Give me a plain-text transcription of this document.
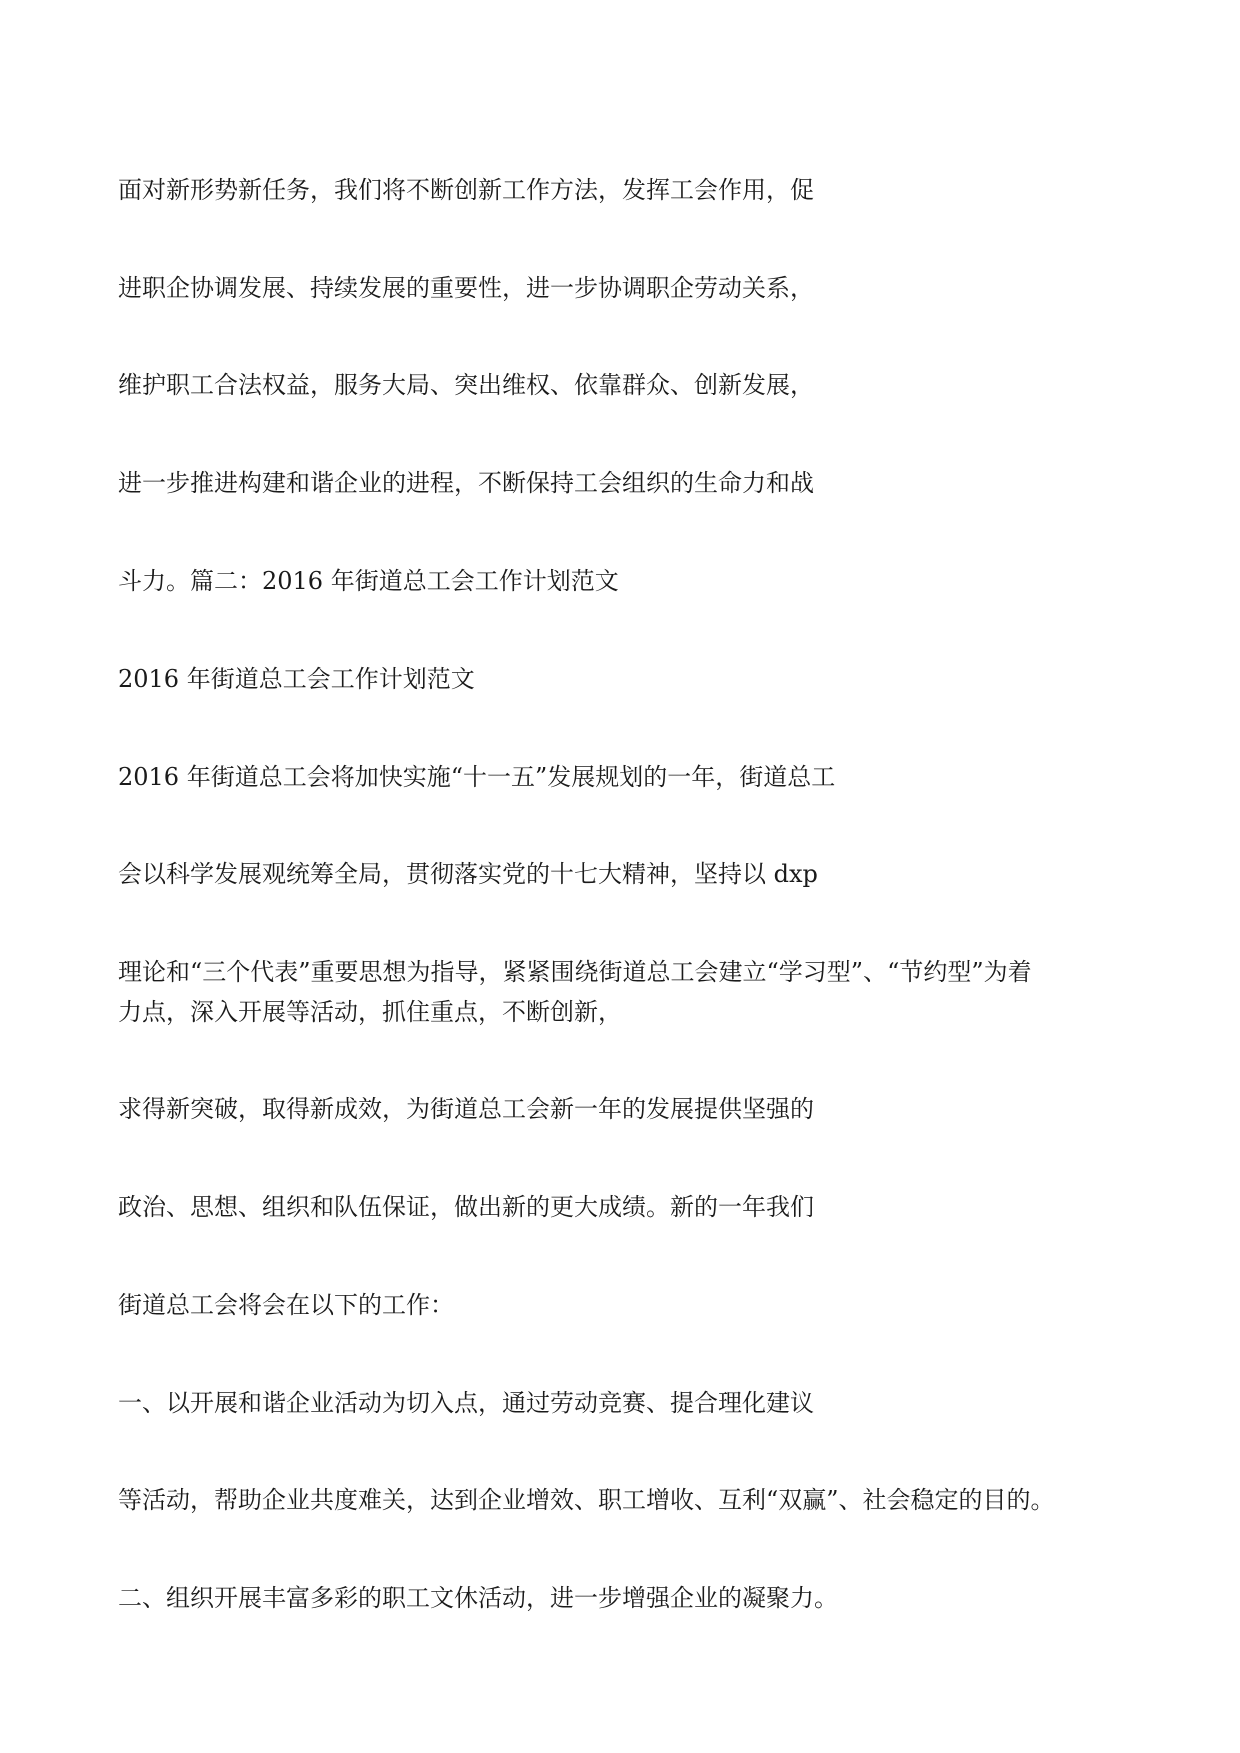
面对新形势新任务，我们将不断创新工作方法，发挥工会作用，促

进职企协调发展、持续发展的重要性，进一步协调职企劳动关系，

维护职工合法权益，服务大局、突出维权、依靠群众、创新发展，

进一步推进构建和谐企业的进程，不断保持工会组织的生命力和战

斗力。篇二：2016 年街道总工会工作计划范文

2016 年街道总工会工作计划范文

2016 年街道总工会将加快实施“十一五”发展规划的一年，街道总工

会以科学发展观统筹全局，贯彻落实党的十七大精神，坚持以 dxp

理论和“三个代表”重要思想为指导，紧紧围绕街道总工会建立“学习型”、“节约型”为着

力点，深入开展等活动，抓住重点，不断创新，

求得新突破，取得新成效，为街道总工会新一年的发展提供坚强的

政治、思想、组织和队伍保证，做出新的更大成绩。新的一年我们

街道总工会将会在以下的工作：

一、以开展和谐企业活动为切入点，通过劳动竞赛、提合理化建议

等活动，帮助企业共度难关，达到企业增效、职工增收、互利“双赢”、社会稳定的目的。

二、组织开展丰富多彩的职工文休活动，进一步增强企业的凝聚力。
